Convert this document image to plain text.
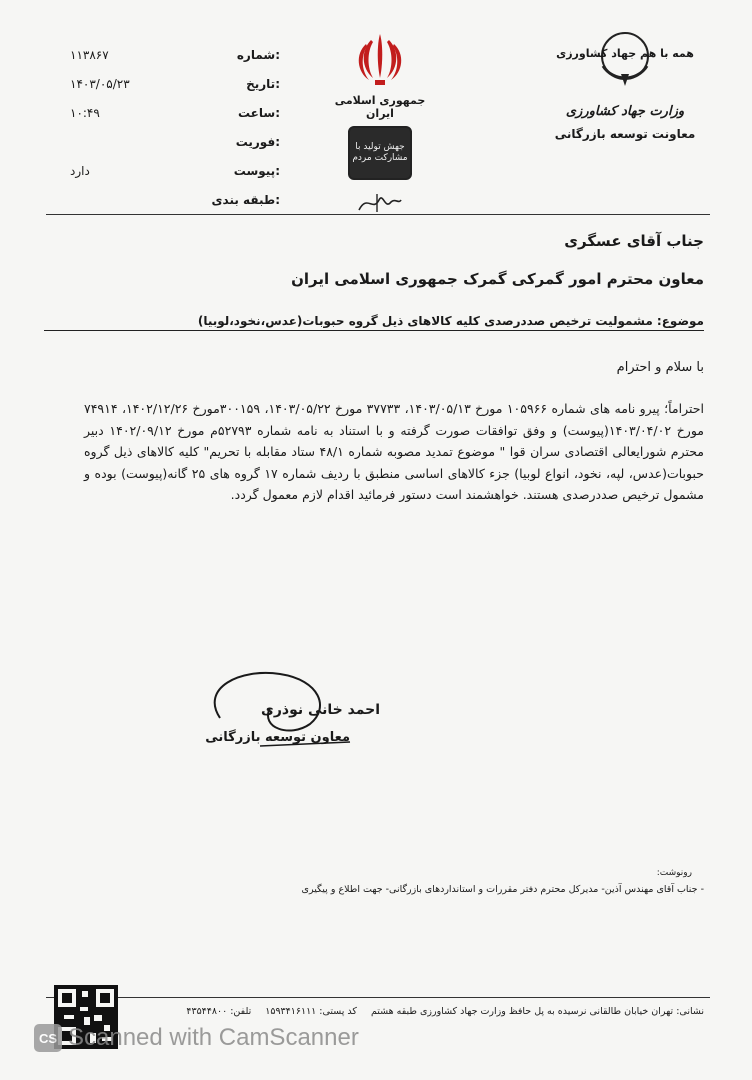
۱۱۳۸۶۷	شماره:
۱۴۰۳/۰۵/۲۳	تاریخ:
۱۰:۴۹	ساعت:
فوریت:
دارد	پیوست:
طبقه بندی:
جمهوری اسلامی ایران
جهش تولید با مشارکت مردم
همه با هم جهاد کشاورزی
وزارت جهاد کشاورزی
معاونت توسعه بازرگانی
جناب آقای عسگری
معاون محترم امور گمرکی گمرک جمهوری اسلامی ایران
موضوع: مشمولیت ترخیص صددرصدی کلیه کالاهای ذیل گروه حبوبات(عدس،نخود،لوبیا)
با سلام و احترام
احتراماً؛ پیرو نامه های شماره ۱۰۵۹۶۶ مورخ ۱۴۰۳/۰۵/۱۳، ۳۷۷۳۳ مورخ ۱۴۰۳/۰۵/۲۲، ۳۰۰۱۵۹مورخ ۱۴۰۲/۱۲/۲۶، ۷۴۹۱۴ مورخ ۱۴۰۳/۰۴/۰۲(پیوست) و وفق توافقات صورت گرفته و با استناد به نامه شماره ۵۲۷۹۳م مورخ ۱۴۰۲/۰۹/۱۲ دبیر محترم شورایعالی اقتصادی سران قوا " موضوع تمدید مصوبه شماره ۴۸/۱ ستاد مقابله با تحریم" کلیه کالاهای ذیل گروه حبوبات(عدس، لپه، نخود، انواع لوبیا) جزء کالاهای اساسی منطبق با ردیف شماره ۱۷ گروه های ۲۵ گانه(پیوست) بوده و مشمول ترخیص صددرصدی هستند. خواهشمند است دستور فرمائید اقدام لازم معمول گردد.
احمد خانی نوذری
معاون توسعه بازرگانی
رونوشت:
- جناب آقای مهندس آذین- مدیرکل محترم دفتر مقررات و استانداردهای بازرگانی- جهت اطلاع و پیگیری
نشانی: تهران خیابان طالقانی نرسیده به پل حافظ وزارت جهاد کشاورزی طبقه هشتم
کد پستی: ۱۵۹۳۴۱۶۱۱۱
تلفن: ۴۳۵۴۴۸۰۰
CS Scanned with CamScanner
